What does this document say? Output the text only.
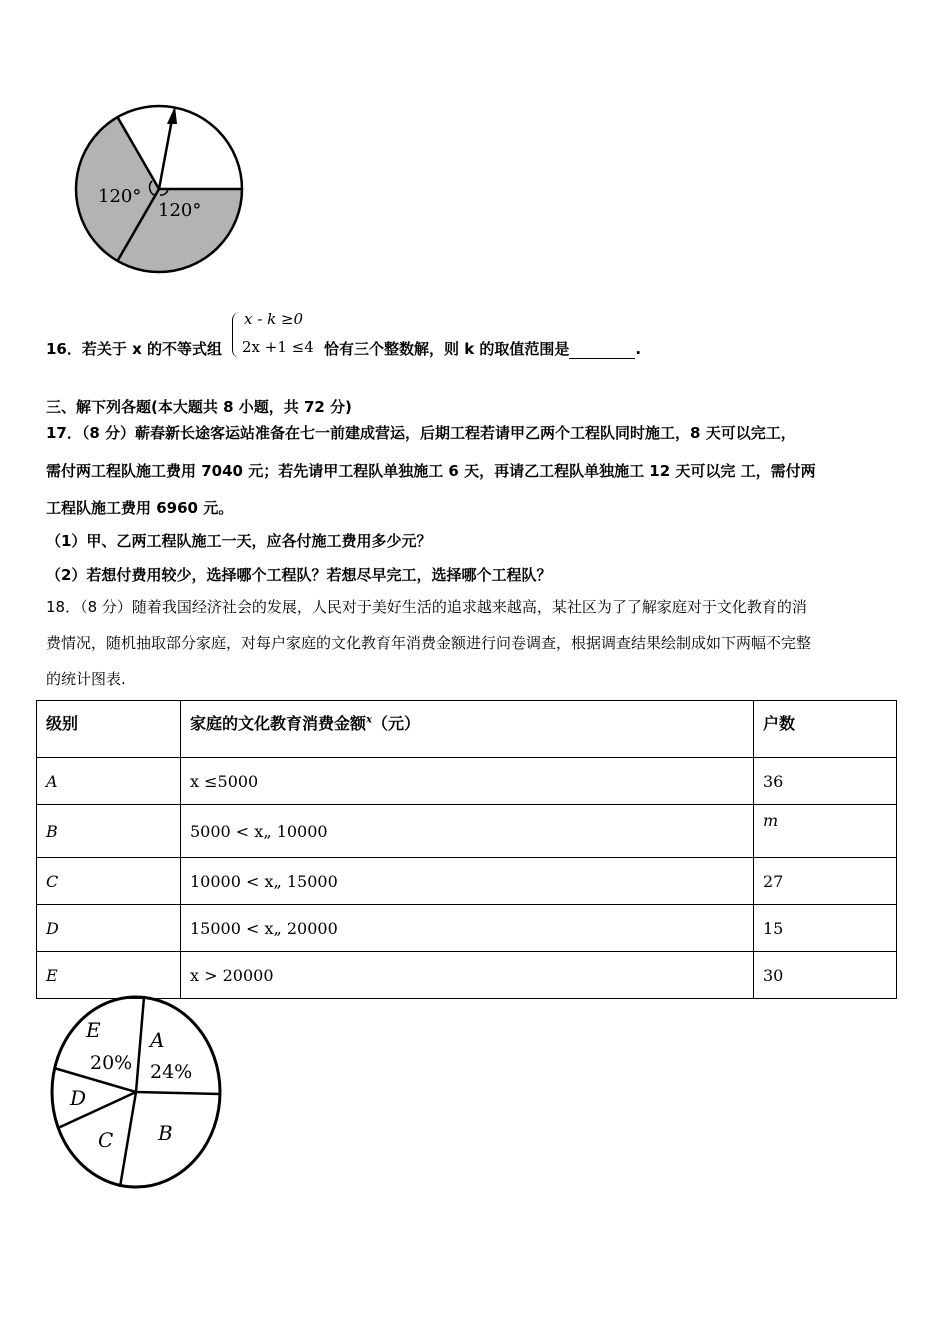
120°
120°
16．若关于 x 的不等式组
x - k ≥0
2x +1 ≤4 恰有三个整数解，则 k 的取值范围是	.
三、解下列各题(本大题共 8 小题，共 72 分)
17．（8 分）蕲春新长途客运站准备在七一前建成营运，后期工程若请甲乙两个工程队同时施工，8 天可以完工，
需付两工程队施工费用 7040 元；若先请甲工程队单独施工 6 天，再请乙工程队单独施工 12 天可以完 工，需付两
工程队施工费用 6960 元。
（1）甲、乙两工程队施工一天，应各付施工费用多少元？
（2）若想付费用较少，选择哪个工程队？若想尽早完工，选择哪个工程队？
18．（8 分）随着我国经济社会的发展，人民对于美好生活的追求越来越高，某社区为了了解家庭对于文化教育的消
费情况，随机抽取部分家庭，对每户家庭的文化教育年消费金额进行问卷调查，根据调查结果绘制成如下两幅不完整
的统计图表.
级别	家庭的文化教育消费金额$^x$（元）	户数
A	x ≤5000	36
B	5000 < x„ 10000	m
C	10000 < x„ 15000	27
D	15000 < x„ 20000	15
E	x > 20000	30
E
20%
A
24%
D
C B
